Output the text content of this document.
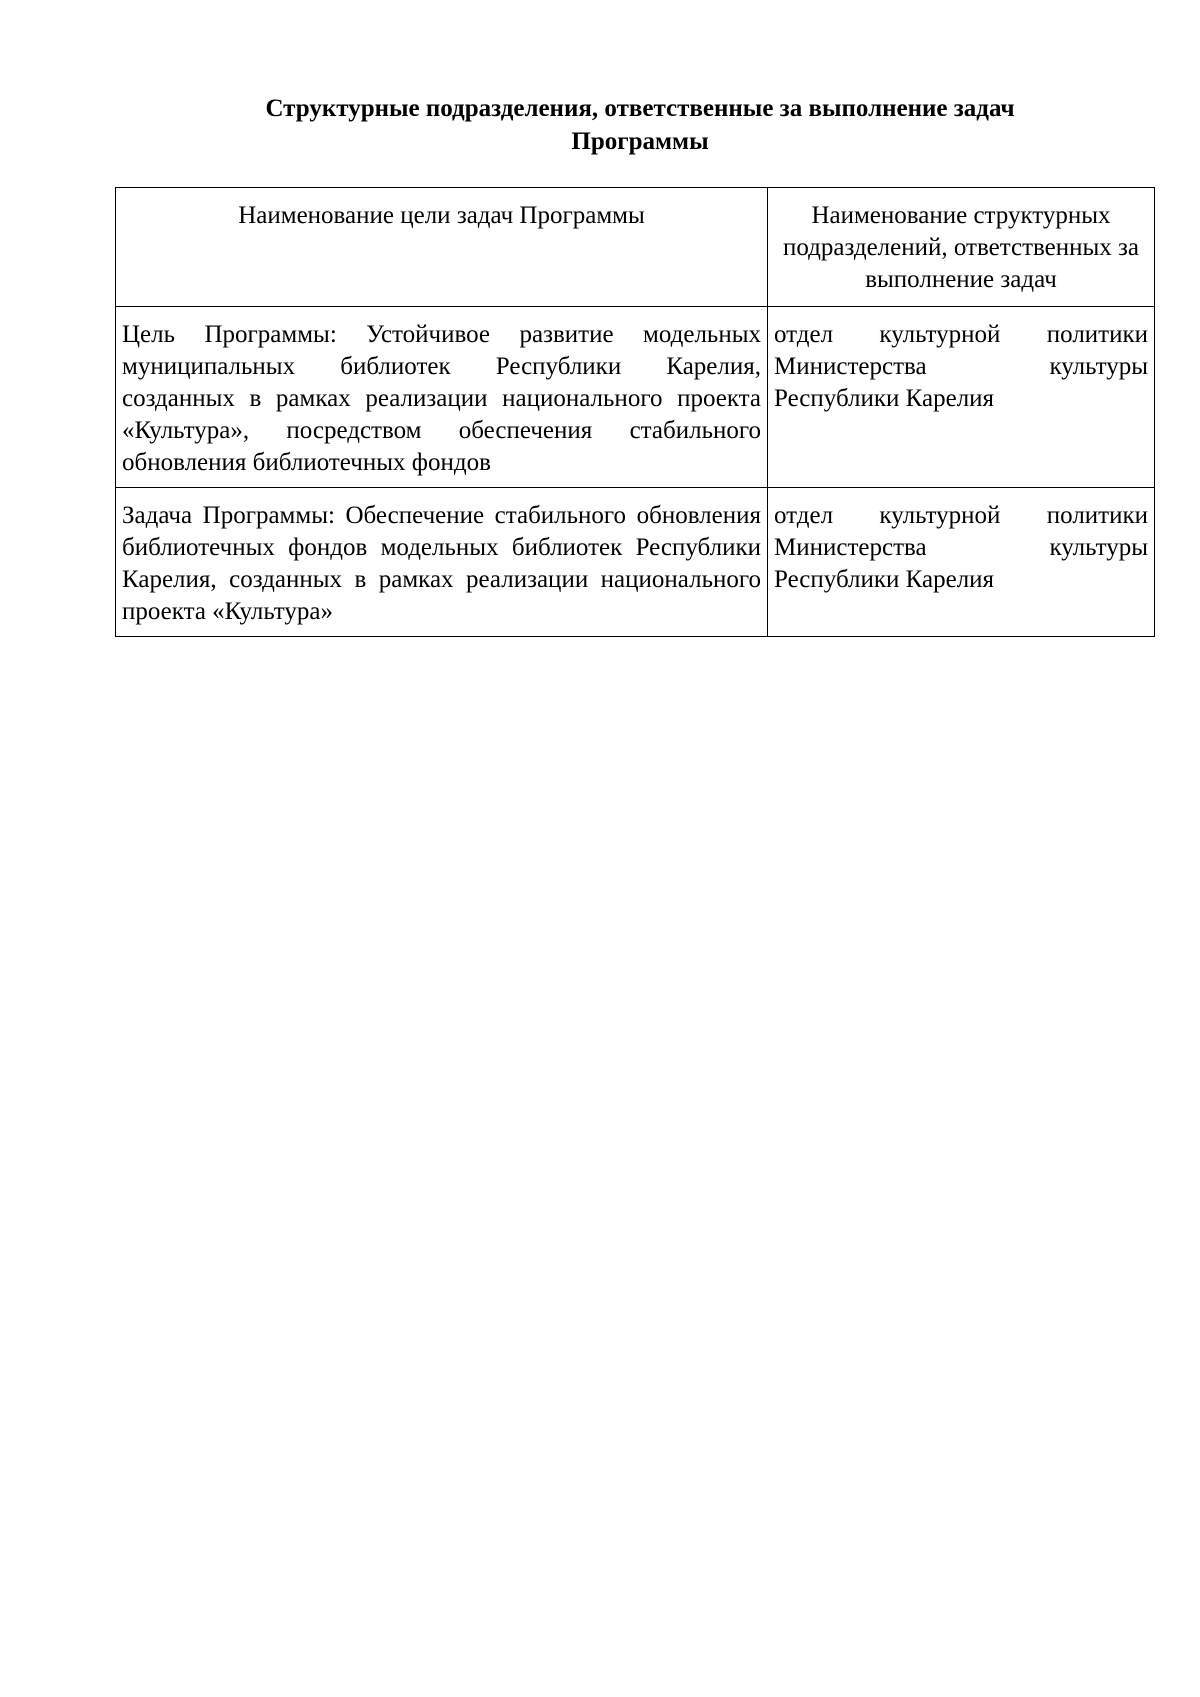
Структурные подразделения, ответственные за выполнение задач
Программы
Наименование цели задач Программы	Наименование структурных подразделений, ответственных за выполнение задач
Цель Программы: Устойчивое развитие модельных муниципальных библиотек Республики Карелия, созданных в рамках реализации национального проекта «Культура», посредством обеспечения стабильного обновления библиотечных фондов	отдел культурной политики Министерства культуры Республики Карелия
Задача Программы: Обеспечение стабильного обновления библиотечных фондов модельных библиотек Республики Карелия, созданных в рамках реализации национального проекта «Культура»	отдел культурной политики Министерства культуры Республики Карелия
